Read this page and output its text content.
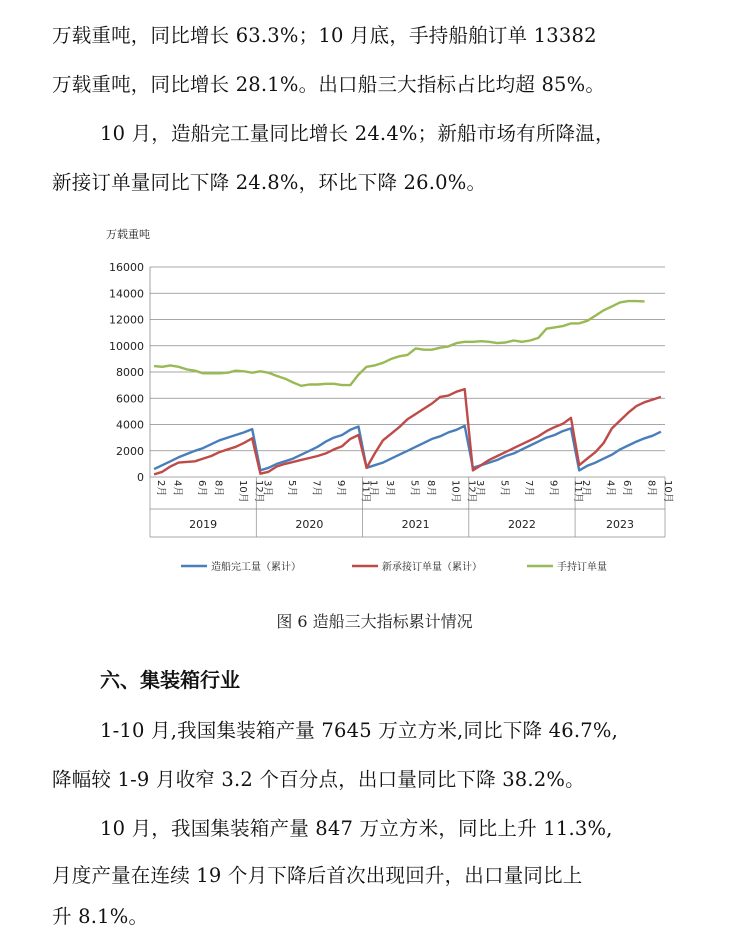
万载重吨，同比增长 63.3%；10 月底，手持船舶订单 13382
万载重吨，同比增长 28.1%。出口船三大指标占比均超 85%。
10 月，造船完工量同比增长 24.4%；新船市场有所降温，
新接订单量同比下降 24.8%，环比下降 26.0%。
万载重吨
0
2000
4000
6000
8000
10000
12000
14000
16000
2019
2月 4月 6月 8月 10月 12月
2020
3月 5月 7月 9月 11月
2021
1月 3月 5月 8月 10月 12月
2022
3月 5月 7月 9月 11月
2023
2月 4月 6月 8月 10月
造船完工量（累计）	新承接订单量（累计）	手持订单量
图 6 造船三大指标累计情况
六、集装箱行业
1-10 月,我国集装箱产量 7645 万立方米,同比下降 46.7%,
降幅较 1-9 月收窄 3.2 个百分点，出口量同比下降 38.2%。
10 月，我国集装箱产量 847 万立方米，同比上升 11.3%,
月度产量在连续 19 个月下降后首次出现回升，出口量同比上
升 8.1%。
